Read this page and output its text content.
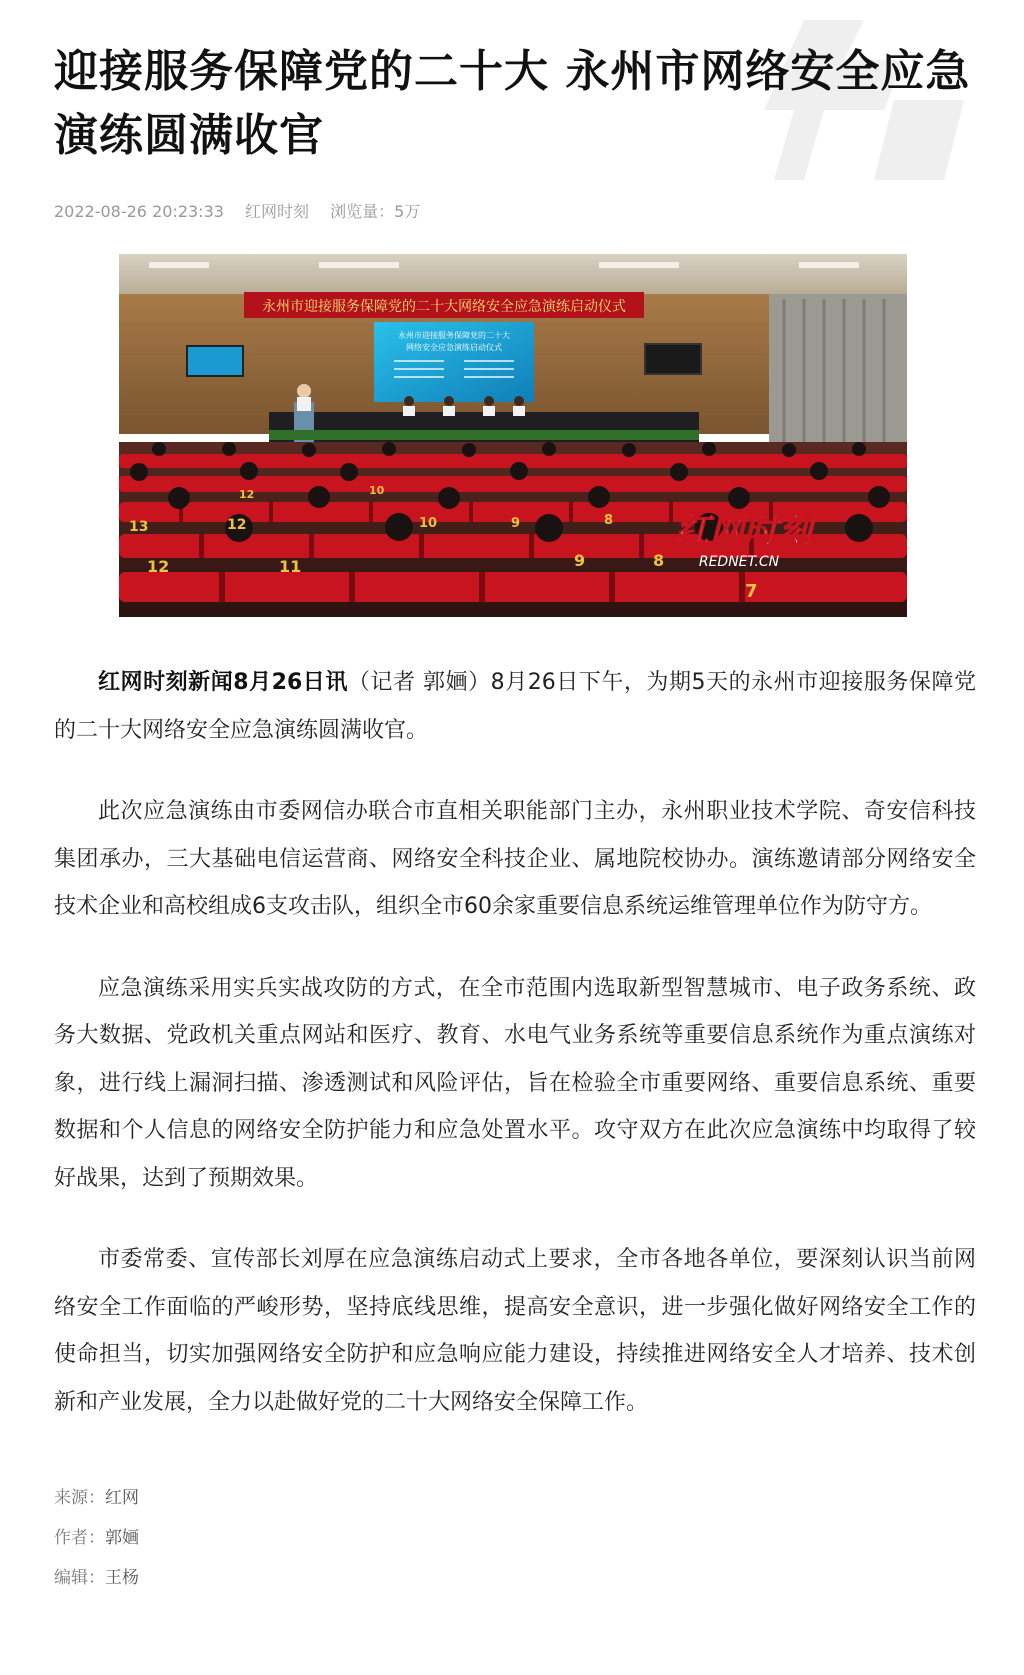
迎接服务保障党的二十大 永州市网络安全应急演练圆满收官
2022-08-26 20:23:33 红网时刻 浏览量：5万
永州市迎接服务保障党的二十大网络安全应急演练启动仪式
永州市迎接服务保障党的二十大
网络安全应急演练启动仪式
13	12
11
10	9	8
7
12	10
9	8
12
红网时刻
REDNET.CN

红网时刻新闻8月26日讯（记者 郭婳）8月26日下午，为期5天的永州市迎接服务保障党的二十大网络安全应急演练圆满收官。

此次应急演练由市委网信办联合市直相关职能部门主办，永州职业技术学院、奇安信科技集团承办，三大基础电信运营商、网络安全科技企业、属地院校协办。演练邀请部分网络安全技术企业和高校组成6支攻击队，组织全市60余家重要信息系统运维管理单位作为防守方。

应急演练采用实兵实战攻防的方式，在全市范围内选取新型智慧城市、电子政务系统、政务大数据、党政机关重点网站和医疗、教育、水电气业务系统等重要信息系统作为重点演练对象，进行线上漏洞扫描、渗透测试和风险评估，旨在检验全市重要网络、重要信息系统、重要数据和个人信息的网络安全防护能力和应急处置水平。攻守双方在此次应急演练中均取得了较好战果，达到了预期效果。

市委常委、宣传部长刘厚在应急演练启动式上要求，全市各地各单位，要深刻认识当前网络安全工作面临的严峻形势，坚持底线思维，提高安全意识，进一步强化做好网络安全工作的使命担当，切实加强网络安全防护和应急响应能力建设，持续推进网络安全人才培养、技术创新和产业发展，全力以赴做好党的二十大网络安全保障工作。

来源：红网
作者：郭婳
编辑：王杨
